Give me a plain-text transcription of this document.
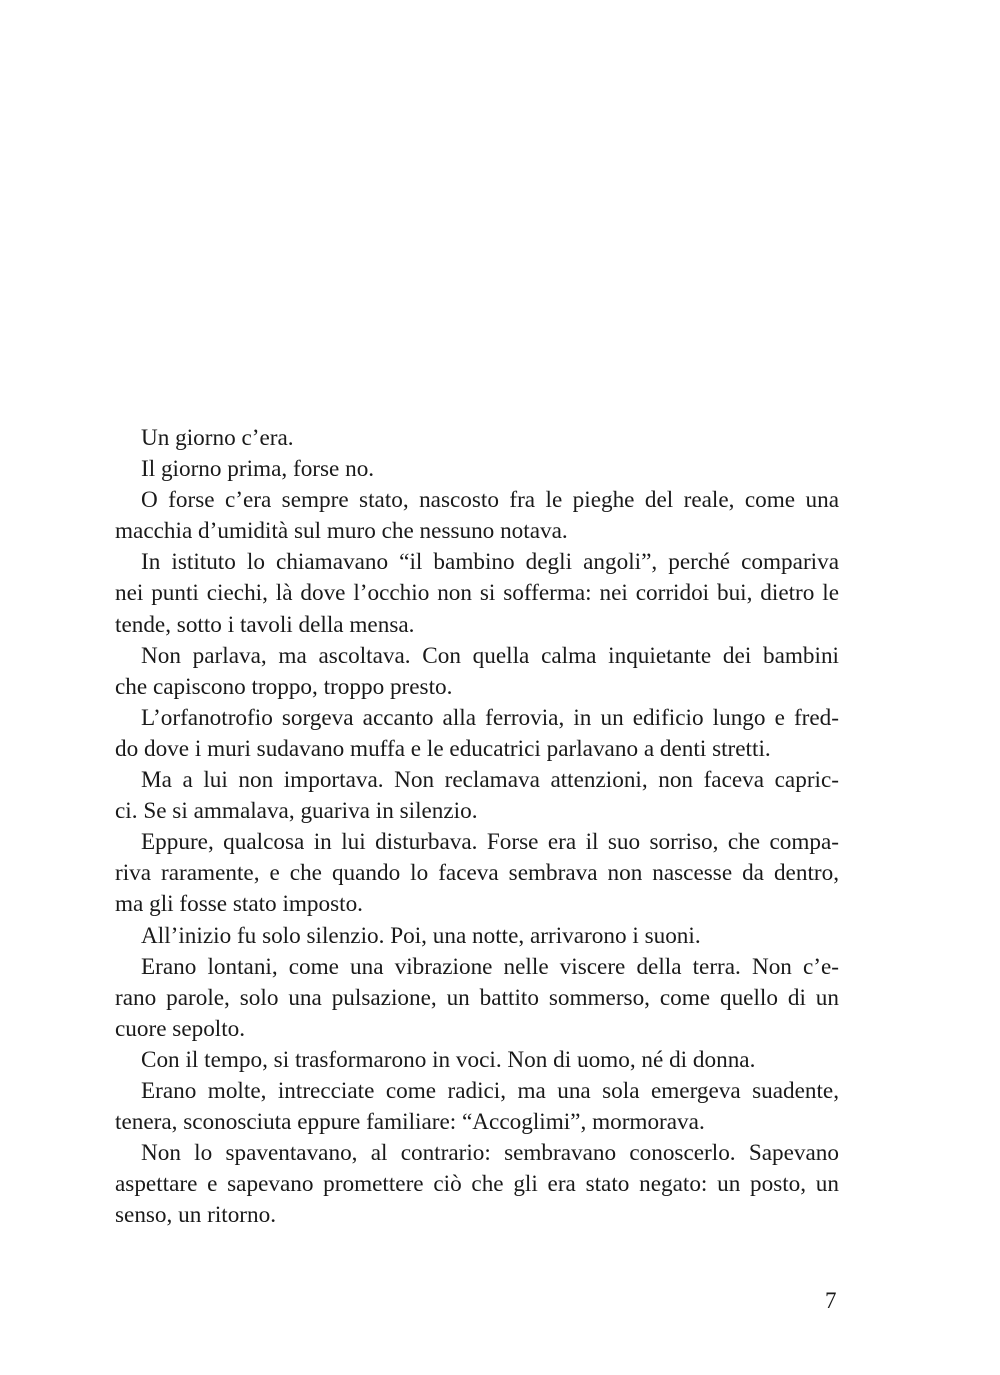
Un giorno c’era.

Il giorno prima, forse no.

O forse c’era sempre stato, nascosto fra le pieghe del reale, come una
macchia d’umidità sul muro che nessuno notava.

In istituto lo chiamavano “il bambino degli angoli”, perché compariva
nei punti ciechi, là dove l’occhio non si sofferma: nei corridoi bui, dietro le
tende, sotto i tavoli della mensa.

Non parlava, ma ascoltava. Con quella calma inquietante dei bambini
che capiscono troppo, troppo presto.

L’orfanotrofio sorgeva accanto alla ferrovia, in un edificio lungo e fred-
do dove i muri sudavano muffa e le educatrici parlavano a denti stretti.

Ma a lui non importava. Non reclamava attenzioni, non faceva capric-
ci. Se si ammalava, guariva in silenzio.

Eppure, qualcosa in lui disturbava. Forse era il suo sorriso, che compa-
riva raramente, e che quando lo faceva sembrava non nascesse da dentro,
ma gli fosse stato imposto.

All’inizio fu solo silenzio. Poi, una notte, arrivarono i suoni.

Erano lontani, come una vibrazione nelle viscere della terra. Non c’e-
rano parole, solo una pulsazione, un battito sommerso, come quello di un
cuore sepolto.

Con il tempo, si trasformarono in voci. Non di uomo, né di donna.

Erano molte, intrecciate come radici, ma una sola emergeva suadente,
tenera, sconosciuta eppure familiare: “Accoglimi”, mormorava.

Non lo spaventavano, al contrario: sembravano conoscerlo. Sapevano
aspettare e sapevano promettere ciò che gli era stato negato: un posto, un
senso, un ritorno.

7
